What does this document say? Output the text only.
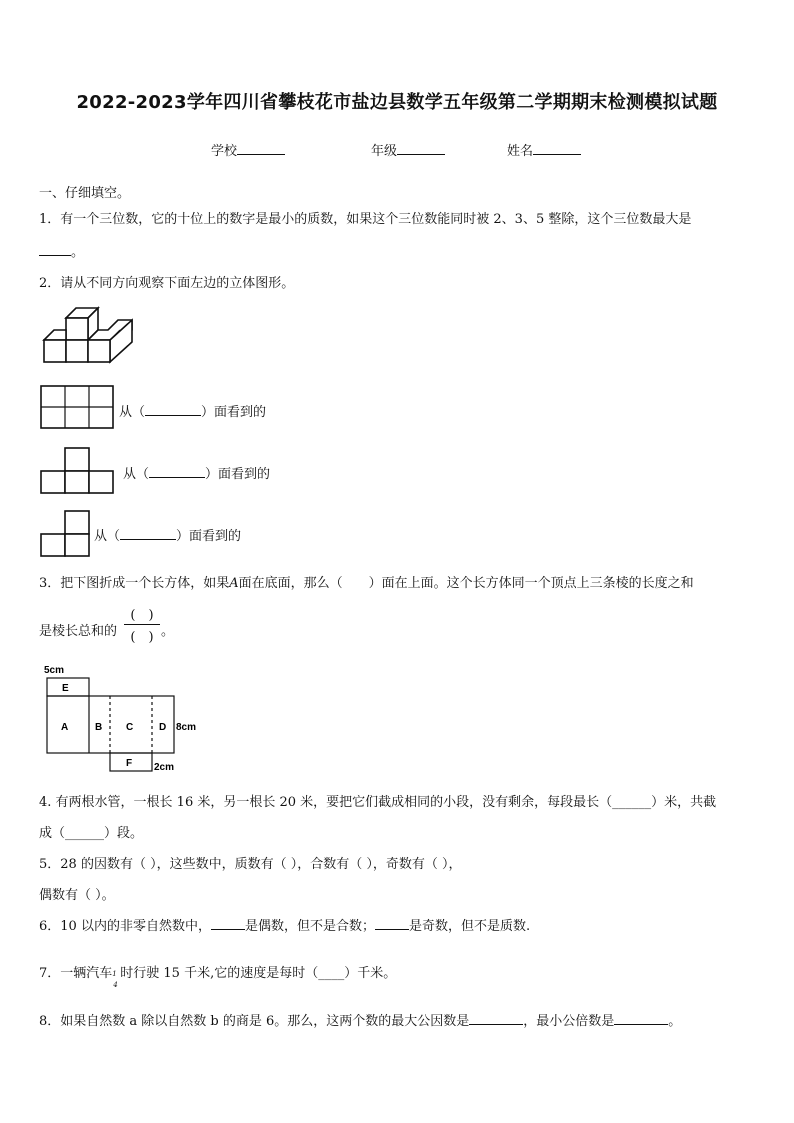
2022-2023学年四川省攀枝花市盐边县数学五年级第二学期期末检测模拟试题
学校	年级	姓名
一、仔细填空。
1．有一个三位数，它的十位上的数字是最小的质数，如果这个三位数能同时被 2、3、5 整除，这个三位数最大是
。
2．请从不同方向观察下面左边的立体图形。
从（	）面看到的
从（	）面看到的
从（	）面看到的
3．把下图折成一个长方体，如果A面在底面，那么（　　）面在上面。这个长方体同一个顶点上三条棱的长度之和
是棱长总和的
(　)
(　) 。
5cm
E
A	B C	D 8cm
F 2cm
4. 有两根水管，一根长 16 米，另一根长 20 米，要把它们截成相同的小段，没有剩余，每段最长（______）米，共截
成（______）段。
5．28 的因数有（ ），这些数中，质数有（ ），合数有（ ），奇数有（ ），
偶数有（ ）。
6．10 以内的非零自然数中，	是偶数，但不是合数；	是奇数，但不是质数.
7．一辆汽车 1
4
时行驶 15 千米,它的速度是每时（____）千米。
8．如果自然数 a 除以自然数 b 的商是 6。那么，这两个数的最大公因数是	，最小公倍数是	。
